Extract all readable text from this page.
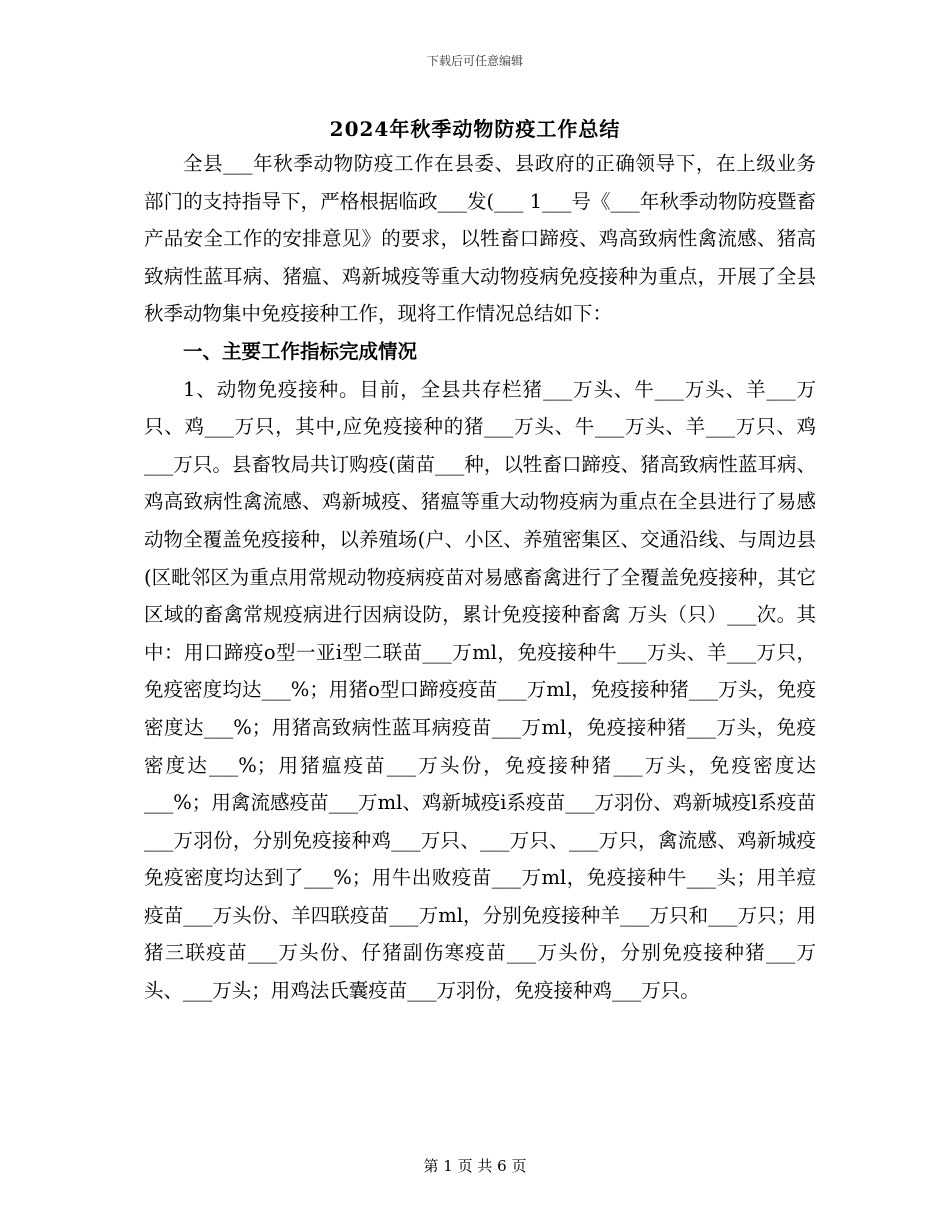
下载后可任意编辑
2024年秋季动物防疫工作总结

全县___年秋季动物防疫工作在县委、县政府的正确领导下，在上级业务部门的支持指导下，严格根据临政___发(___ 1___号《___年秋季动物防疫暨畜产品安全工作的安排意见》的要求，以牲畜口蹄疫、鸡高致病性禽流感、猪高致病性蓝耳病、猪瘟、鸡新城疫等重大动物疫病免疫接种为重点，开展了全县秋季动物集中免疫接种工作，现将工作情况总结如下：

一、主要工作指标完成情况

1、动物免疫接种。目前，全县共存栏猪___万头、牛___万头、羊___万只、鸡___万只，其中,应免疫接种的猪___万头、牛___万头、羊___万只、鸡___万只。县畜牧局共订购疫(菌苗___种，以牲畜口蹄疫、猪高致病性蓝耳病、鸡高致病性禽流感、鸡新城疫、猪瘟等重大动物疫病为重点在全县进行了易感动物全覆盖免疫接种，以养殖场(户、小区、养殖密集区、交通沿线、与周边县(区毗邻区为重点用常规动物疫病疫苗对易感畜禽进行了全覆盖免疫接种，其它区域的畜禽常规疫病进行因病设防，累计免疫接种畜禽 万头（只）___次。其中：用口蹄疫o型一亚ⅰ型二联苗___万ml，免疫接种牛___万头、羊___万只，免疫密度均达___%；用猪o型口蹄疫疫苗___万ml，免疫接种猪___万头，免疫密度达___%；用猪高致病性蓝耳病疫苗___万ml，免疫接种猪___万头，免疫密度达___%；用猪瘟疫苗___万头份，免疫接种猪___万头，免疫密度达___%；用禽流感疫苗___万ml、鸡新城疫ⅰ系疫苗___万羽份、鸡新城疫l系疫苗___万羽份，分别免疫接种鸡___万只、___万只、___万只，禽流感、鸡新城疫免疫密度均达到了___%；用牛出败疫苗___万ml，免疫接种牛___头；用羊痘疫苗___万头份、羊四联疫苗___万ml，分别免疫接种羊___万只和___万只；用猪三联疫苗___万头份、仔猪副伤寒疫苗___万头份，分别免疫接种猪___万头、___万头；用鸡法氏囊疫苗___万羽份，免疫接种鸡___万只。

第 1 页 共 6 页
